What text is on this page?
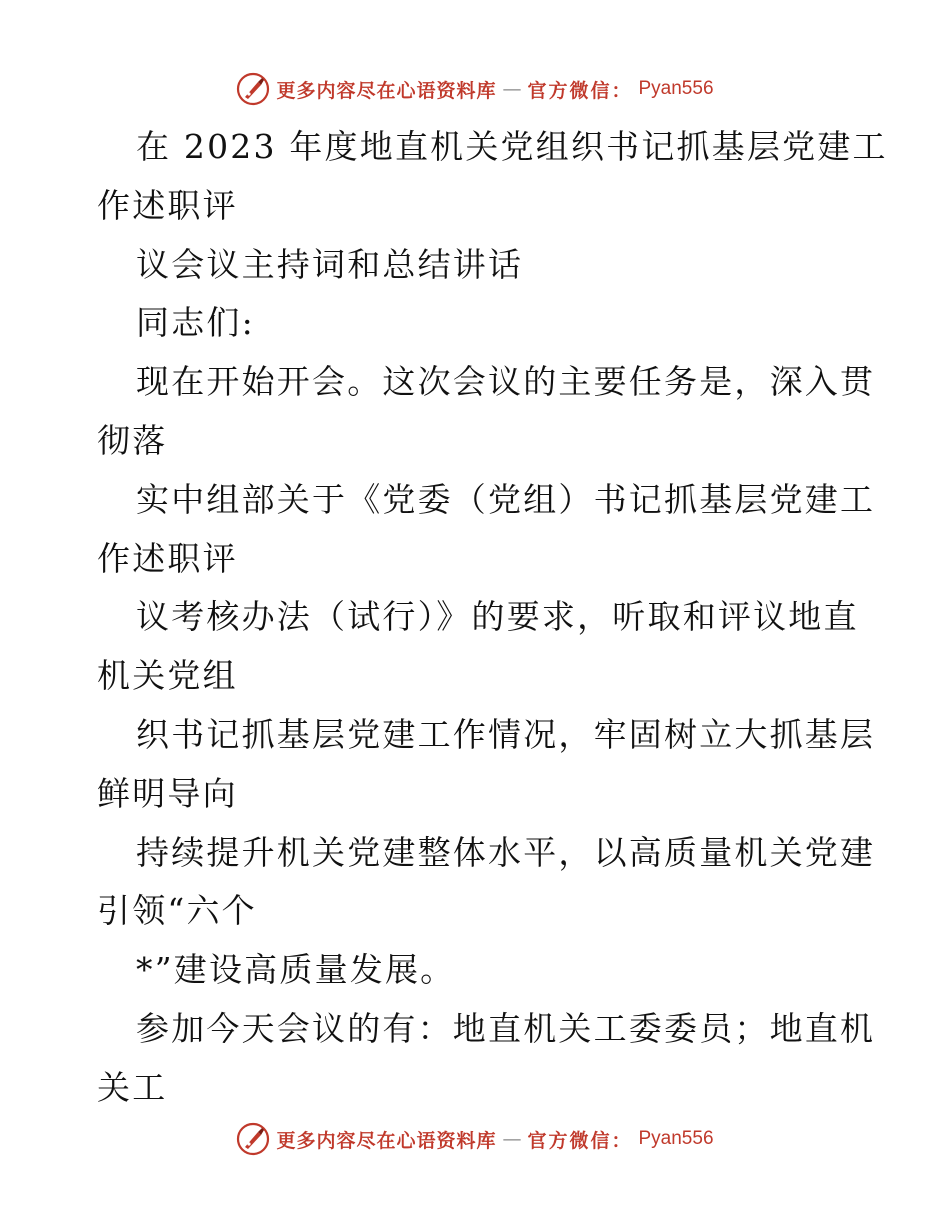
更多内容尽在心语资料库 — 官方微信： Pyan556
在 2023 年度地直机关党组织书记抓基层党建工
作述职评
议会议主持词和总结讲话
同志们:
现在开始开会。这次会议的主要任务是，深入贯
彻落
实中组部关于《党委（党组）书记抓基层党建工
作述职评
议考核办法（试行）》的要求，听取和评议地直
机关党组
织书记抓基层党建工作情况，牢固树立大抓基层
鲜明导向
持续提升机关党建整体水平，以高质量机关党建
引领“六个
*”建设高质量发展。
参加今天会议的有：地直机关工委委员；地直机
关工
更多内容尽在心语资料库 — 官方微信： Pyan556
